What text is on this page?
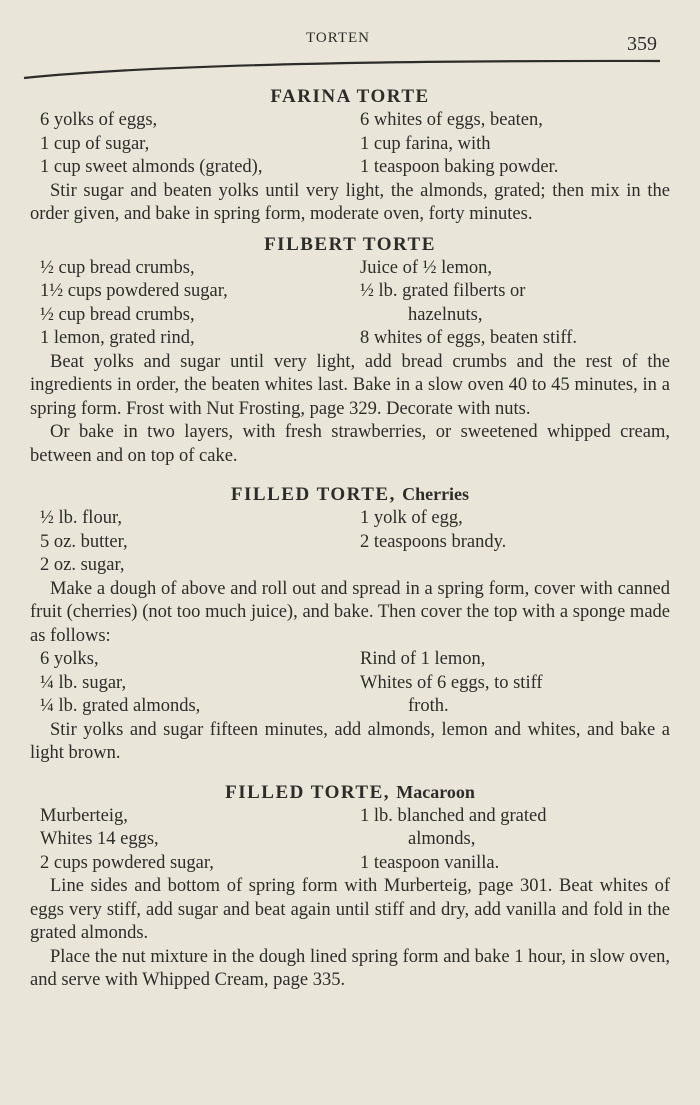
TORTEN	359
FARINA TORTE
6 yolks of eggs,
1 cup of sugar,
1 cup sweet almonds (grated),
6 whites of eggs, beaten,
1 cup farina, with
1 teaspoon baking powder.

Stir sugar and beaten yolks until very light, the almonds, grated; then mix in the order given, and bake in spring form, moderate oven, forty minutes.

FILBERT TORTE
½ cup bread crumbs,
1½ cups powdered sugar,
½ cup bread crumbs,
1 lemon, grated rind,
Juice of ½ lemon,
½ lb. grated filberts or
hazelnuts,
8 whites of eggs, beaten stiff.

Beat yolks and sugar until very light, add bread crumbs and the rest of the ingredients in order, the beaten whites last. Bake in a slow oven 40 to 45 minutes, in a spring form. Frost with Nut Frosting, page 329. Decorate with nuts.

Or bake in two layers, with fresh strawberries, or sweetened whipped cream, between and on top of cake.

FILLED TORTE, Cherries
½ lb. flour,
5 oz. butter,
2 oz. sugar,
1 yolk of egg,
2 teaspoons brandy.

Make a dough of above and roll out and spread in a spring form, cover with canned fruit (cherries) (not too much juice), and bake. Then cover the top with a sponge made as follows:

6 yolks,
¼ lb. sugar,
¼ lb. grated almonds,
Rind of 1 lemon,
Whites of 6 eggs, to stiff
froth.

Stir yolks and sugar fifteen minutes, add almonds, lemon and whites, and bake a light brown.

FILLED TORTE, Macaroon
Murberteig,
Whites 14 eggs,
2 cups powdered sugar,
1 lb. blanched and grated
almonds,
1 teaspoon vanilla.

Line sides and bottom of spring form with Murberteig, page 301. Beat whites of eggs very stiff, add sugar and beat again until stiff and dry, add vanilla and fold in the grated almonds.

Place the nut mixture in the dough lined spring form and bake 1 hour, in slow oven, and serve with Whipped Cream, page 335.
